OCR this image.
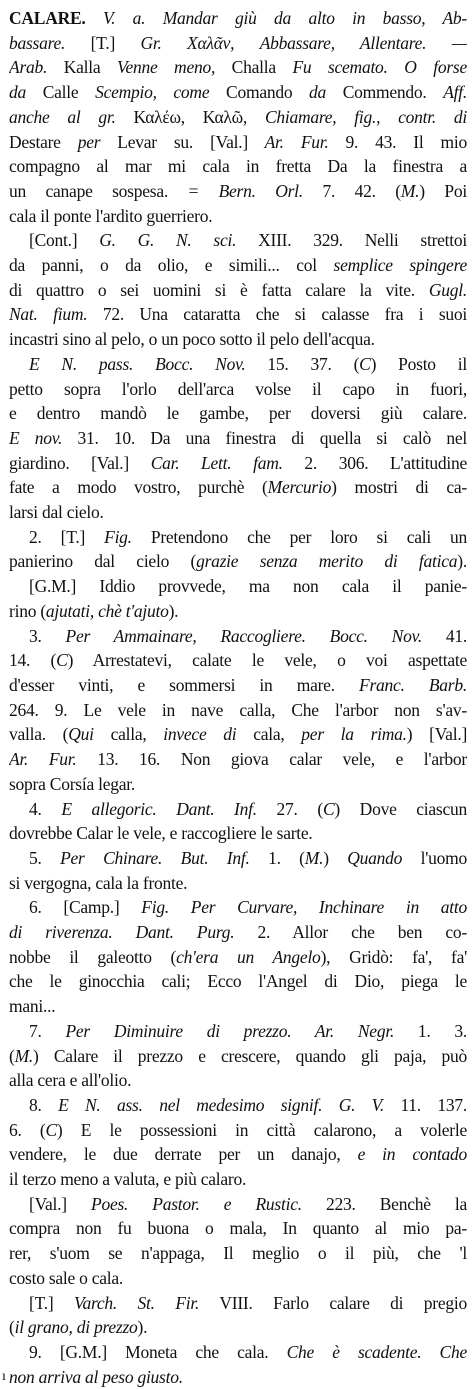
CALARE. V. a. Mandar giù da alto in basso, Ab-
bassare. [T.] Gr. Χαλᾶν, Abbassare, Allentare. —
Arab. Kalla Venne meno, Challa Fu scemato. O forse
da Calle Scempio, come Comando da Commendo. Aff.
anche al gr. Καλέω, Καλῶ, Chiamare, fig., contr. di
Destare per Levar su. [Val.] Ar. Fur. 9. 43. Il mio
compagno al mar mi cala in fretta Da la finestra a
un canape sospesa. = Bern. Orl. 7. 42. (M.) Poi
cala il ponte l'ardito guerriero.
[Cont.] G. G. N. sci. XIII. 329. Nelli strettoi
da panni, o da olio, e simili... col semplice spingere
di quattro o sei uomini si è fatta calare la vite. Gugl.
Nat. fium. 72. Una cataratta che si calasse fra i suoi
incastri sino al pelo, o un poco sotto il pelo dell'acqua.
E N. pass. Bocc. Nov. 15. 37. (C) Posto il
petto sopra l'orlo dell'arca volse il capo in fuori,
e dentro mandò le gambe, per doversi giù calare.
E nov. 31. 10. Da una finestra di quella si calò nel
giardino. [Val.] Car. Lett. fam. 2. 306. L'attitudine
fate a modo vostro, purchè (Mercurio) mostri di ca-
larsi dal cielo.
2. [T.] Fig. Pretendono che per loro si cali un
panierino dal cielo (grazie senza merito di fatica).
[G.M.] Iddio provvede, ma non cala il panie-
rino (ajutati, chè t'ajuto).
3. Per Ammainare, Raccogliere. Bocc. Nov. 41.
14. (C) Arrestatevi, calate le vele, o voi aspettate
d'esser vinti, e sommersi in mare. Franc. Barb.
264. 9. Le vele in nave calla, Che l'arbor non s'av-
valla. (Qui calla, invece di cala, per la rima.) [Val.]
Ar. Fur. 13. 16. Non giova calar vele, e l'arbor
sopra Corsía legar.
4. E allegoric. Dant. Inf. 27. (C) Dove ciascun
dovrebbe Calar le vele, e raccogliere le sarte.
5. Per Chinare. But. Inf. 1. (M.) Quando l'uomo
si vergogna, cala la fronte.
6. [Camp.] Fig. Per Curvare, Inchinare in atto
di riverenza. Dant. Purg. 2. Allor che ben co-
nobbe il galeotto (ch'era un Angelo), Gridò: fa', fa'
che le ginocchia cali; Ecco l'Angel di Dio, piega le
mani...
7. Per Diminuire di prezzo. Ar. Negr. 1. 3.
(M.) Calare il prezzo e crescere, quando gli paja, può
alla cera e all'olio.
8. E N. ass. nel medesimo signif. G. V. 11. 137.
6. (C) E le possessioni in città calarono, a volerle
vendere, le due derrate per un danajo, e in contado
il terzo meno a valuta, e più calaro.
[Val.] Poes. Pastor. e Rustic. 223. Benchè la
compra non fu buona o mala, In quanto al mio pa-
rer, s'uom se n'appaga, Il meglio o il più, che 'l
costo sale o cala.
[T.] Varch. St. Fir. VIII. Farlo calare di pregio
(il grano, di prezzo).
9. [G.M.] Moneta che cala. Che è scadente. Che
ı non arriva al peso giusto.
